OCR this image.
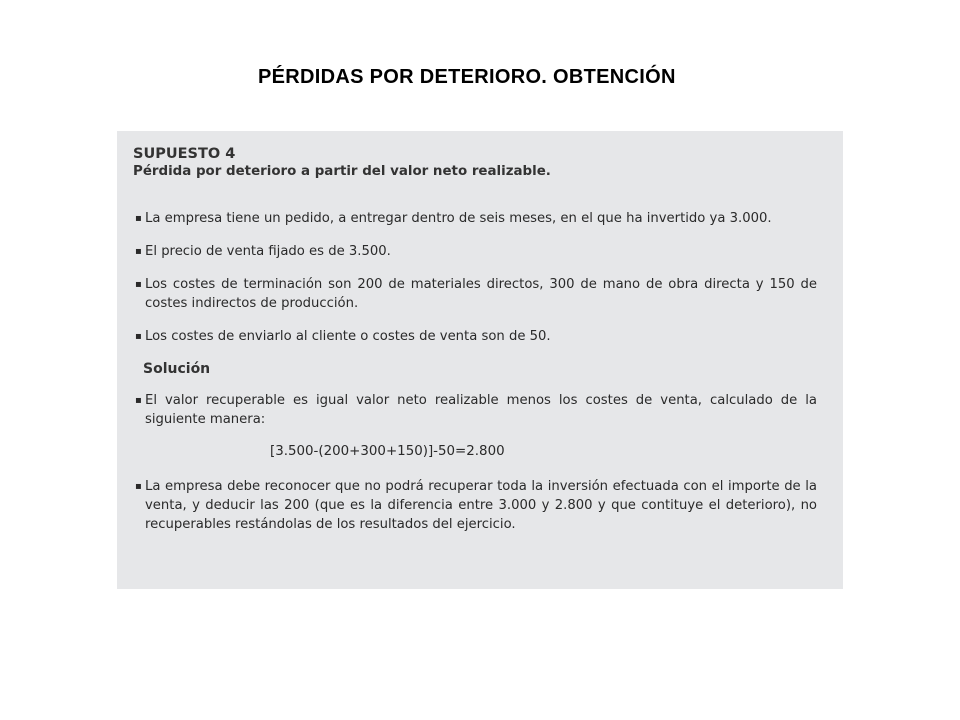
PÉRDIDAS POR DETERIORO. OBTENCIÓN
SUPUESTO 4
Pérdida por deterioro a partir del valor neto realizable.
▪ La empresa tiene un pedido, a entregar dentro de seis meses, en el que ha invertido ya 3.000.
▪ El precio de venta fijado es de 3.500.
▪ Los costes de terminación son 200 de materiales directos, 300 de mano de obra directa y 150 de costes indirectos de producción.
▪ Los costes de enviarlo al cliente o costes de venta son de 50.
Solución
▪ El valor recuperable es igual valor neto realizable menos los costes de venta, calculado de la siguiente manera:
[3.500-(200+300+150)]-50=2.800
▪ La empresa debe reconocer que no podrá recuperar toda la inversión efectuada con el importe de la venta, y deducir las 200 (que es la diferencia entre 3.000 y 2.800 y que contituye el deterioro), no recuperables restándolas de los resultados del ejercicio.
